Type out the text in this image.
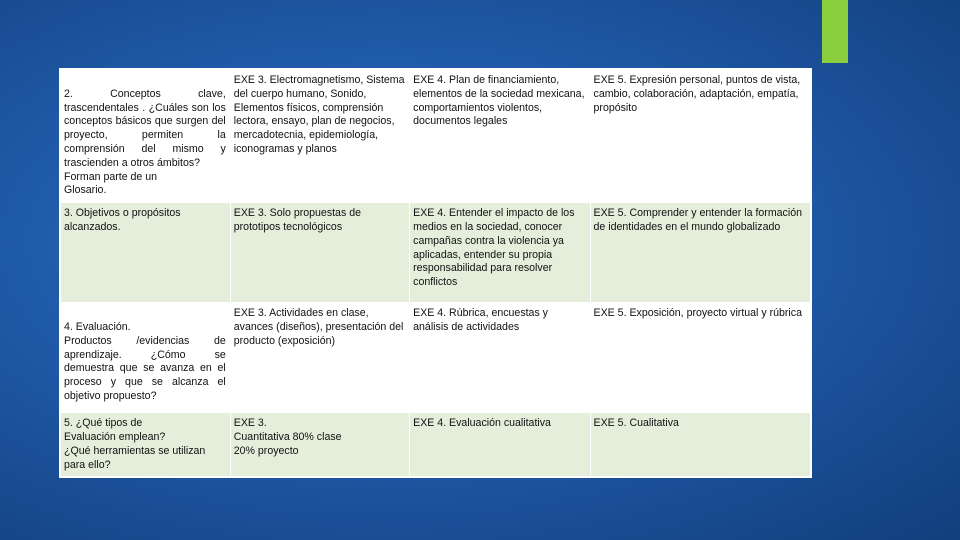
2. Conceptos clave, trascendentales . ¿Cuáles son los conceptos básicos que surgen del proyecto, permiten la comprensión del mismo y trascienden a otros ámbitos?
Forman parte de un
Glosario.	EXE 3. Electromagnetismo, Sistema del cuerpo humano, Sonido, Elementos físicos, comprensión lectora, ensayo, plan de negocios, mercadotecnia, epidemiología, iconogramas y planos	EXE 4. Plan de financiamiento, elementos de la sociedad mexicana, comportamientos violentos, documentos legales	EXE 5. Expresión personal, puntos de vista, cambio, colaboración, adaptación, empatía, propósito

3. Objetivos o propósitos alcanzados.	EXE 3. Solo propuestas de prototipos tecnológicos	EXE 4. Entender el impacto de los medios en la sociedad, conocer campañas contra la violencia ya aplicadas, entender su propia responsabilidad para resolver conflictos	EXE 5. Comprender y entender la formación de identidades en el mundo globalizado

4. Evaluación.
Productos /evidencias de aprendizaje. ¿Cómo se demuestra que se avanza en el proceso y que se alcanza el objetivo propuesto?	EXE 3. Actividades en clase, avances (diseños), presentación del producto (exposición)	EXE 4. Rúbrica, encuestas y análisis de actividades	EXE 5. Exposición, proyecto virtual y rúbrica

5. ¿Qué tipos de
Evaluación emplean?
¿Qué herramientas se utilizan para ello?	EXE 3.
Cuantitativa 80% clase
20% proyecto	EXE 4. Evaluación cualitativa	EXE 5. Cualitativa
